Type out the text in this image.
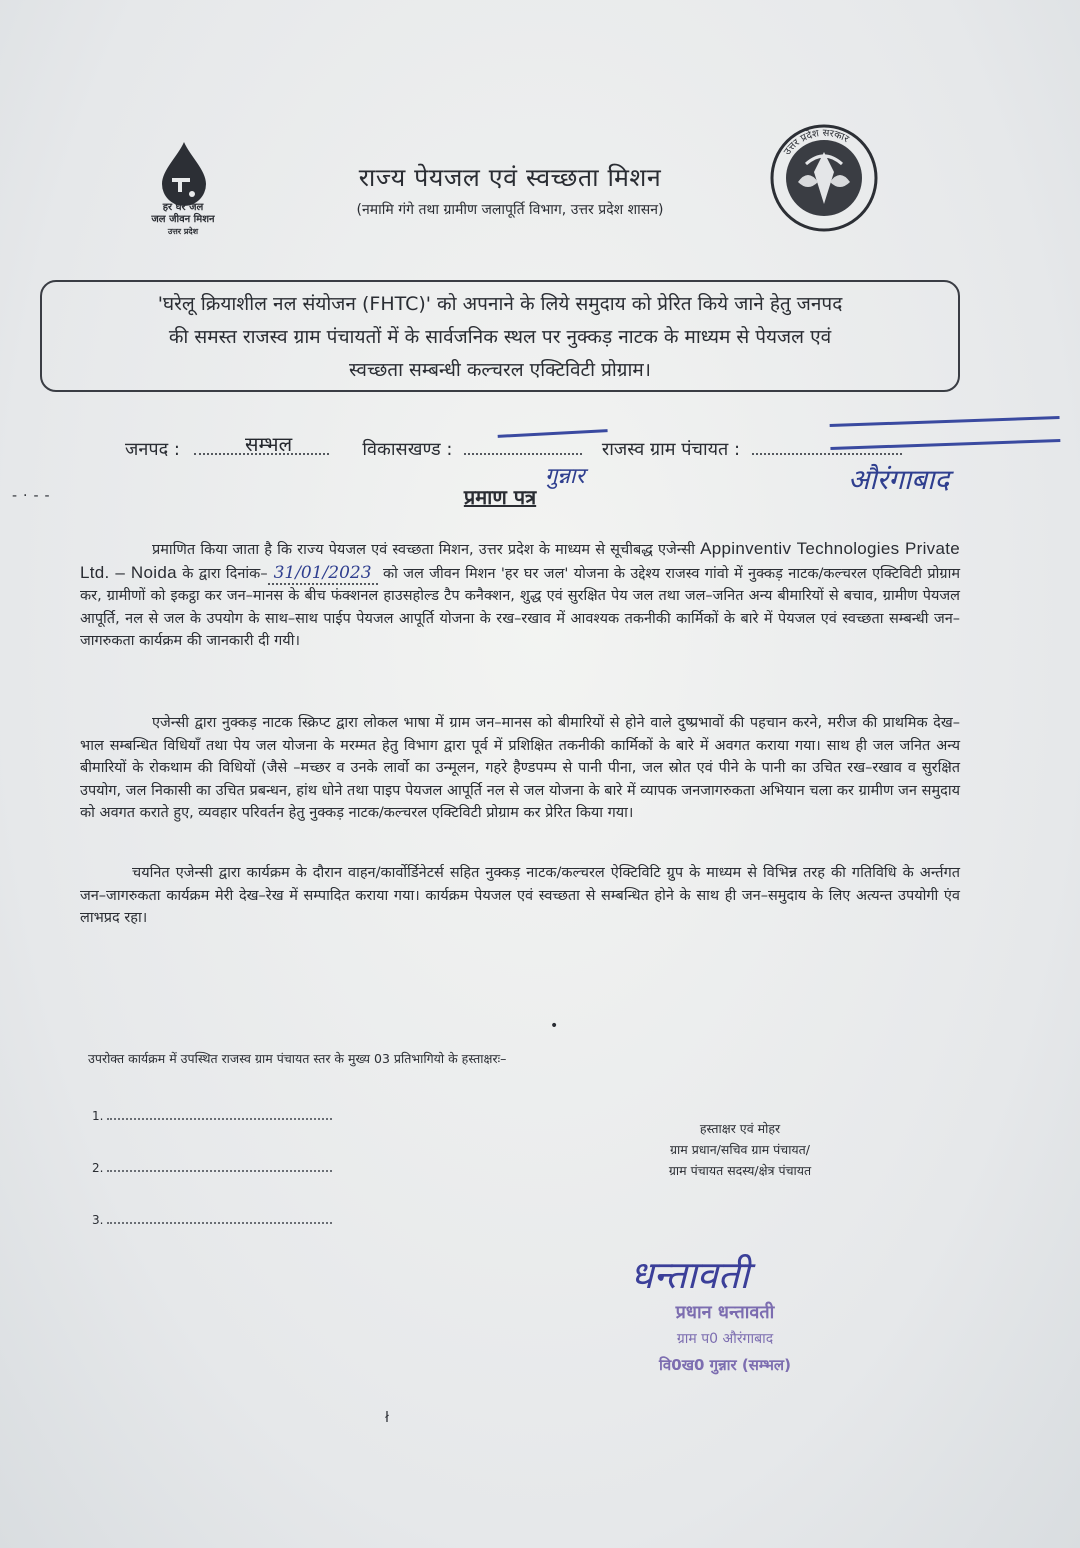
हर घर जल
जल जीवन मिशन
उत्तर प्रदेश
राज्य पेयजल एवं स्वच्छता मिशन
(नमामि गंगे तथा ग्रामीण जलापूर्ति विभाग, उत्तर प्रदेश शासन)
उत्तर प्रदेश सरकार
'घरेलू क्रियाशील नल संयोजन (FHTC)' को अपनाने के लिये समुदाय को प्रेरित किये जाने हेतु जनपद
की समस्त राजस्व ग्राम पंचायतों में के सार्वजनिक स्थल पर नुक्कड़ नाटक के माध्यम से पेयजल एवं
स्वच्छता सम्बन्धी कल्चरल एक्टिविटी प्रोग्राम।
जनपद :	विकासखण्ड :	राजस्व ग्राम पंचायत :
सम्भल
गुन्नार	औरंगाबाद
-·--	प्रमाण पत्र
प्रमाणित किया जाता है कि राज्य पेयजल एवं स्वच्छता मिशन, उत्तर प्रदेश के माध्यम से सूचीबद्ध एजेन्सी Appinventiv Technologies Private Ltd. – Noida के द्वारा दिनांक– 31/01/2023 को जल जीवन मिशन 'हर घर जल' योजना के उद्देश्य राजस्व गांवो में नुक्कड़ नाटक/कल्चरल एक्टिविटी प्रोग्राम कर, ग्रामीणों को इकट्ठा कर जन–मानस के बीच फंक्शनल हाउसहोल्ड टैप कनैक्शन, शुद्ध एवं सुरक्षित पेय जल तथा जल–जनित अन्य बीमारियों से बचाव, ग्रामीण पेयजल आपूर्ति, नल से जल के उपयोग के साथ–साथ पाईप पेयजल आपूर्ति योजना के रख–रखाव में आवश्यक तकनीकी कार्मिकों के बारे में पेयजल एवं स्वच्छता सम्बन्धी जन–जागरुकता कार्यक्रम की जानकारी दी गयी।
एजेन्सी द्वारा नुक्कड़ नाटक स्क्रिप्ट द्वारा लोकल भाषा में ग्राम जन–मानस को बीमारियों से होने वाले दुष्प्रभावों की पहचान करने, मरीज की प्राथमिक देख–भाल सम्बन्धित विधियाँ तथा पेय जल योजना के मरम्मत हेतु विभाग द्वारा पूर्व में प्रशिक्षित तकनीकी कार्मिकों के बारे में अवगत कराया गया। साथ ही जल जनित अन्य बीमारियों के रोकथाम की विधियों (जैसे –मच्छर व उनके लार्वो का उन्मूलन, गहरे हैण्डपम्प से पानी पीना, जल स्रोत एवं पीने के पानी का उचित रख–रखाव व सुरक्षित उपयोग, जल निकासी का उचित प्रबन्धन, हांथ धोने तथा पाइप पेयजल आपूर्ति नल से जल योजना के बारे में व्यापक जनजागरुकता अभियान चला कर ग्रामीण जन समुदाय को अवगत कराते हुए, व्यवहार परिवर्तन हेतु नुक्कड़ नाटक/कल्चरल एक्टिविटी प्रोग्राम कर प्रेरित किया गया।
चयनित एजेन्सी द्वारा कार्यक्रम के दौरान वाहन/कार्वोर्डिनेटर्स सहित नुक्कड़ नाटक/कल्चरल ऐक्टिविटि ग्रुप के माध्यम से विभिन्न तरह की गतिविधि के अर्न्तगत जन–जागरुकता कार्यक्रम मेरी देख–रेख में सम्पादित कराया गया। कार्यक्रम पेयजल एवं स्वच्छता से सम्बन्धित होने के साथ ही जन–समुदाय के लिए अत्यन्त उपयोगी एंव लाभप्रद रहा।
•
उपरोक्त कार्यक्रम में उपस्थित राजस्व ग्राम पंचायत स्तर के मुख्य 03 प्रतिभागियो के हस्ताक्षरः–
1.
2.
3.
हस्ताक्षर एवं मोहर
ग्राम प्रधान/सचिव ग्राम पंचायत/
ग्राम पंचायत सदस्य/क्षेत्र पंचायत
धन्तावती
प्रधान धन्तावती
ग्राम प0 औरंगाबाद
वि0ख0 गुन्नार (सम्भल)
ł
